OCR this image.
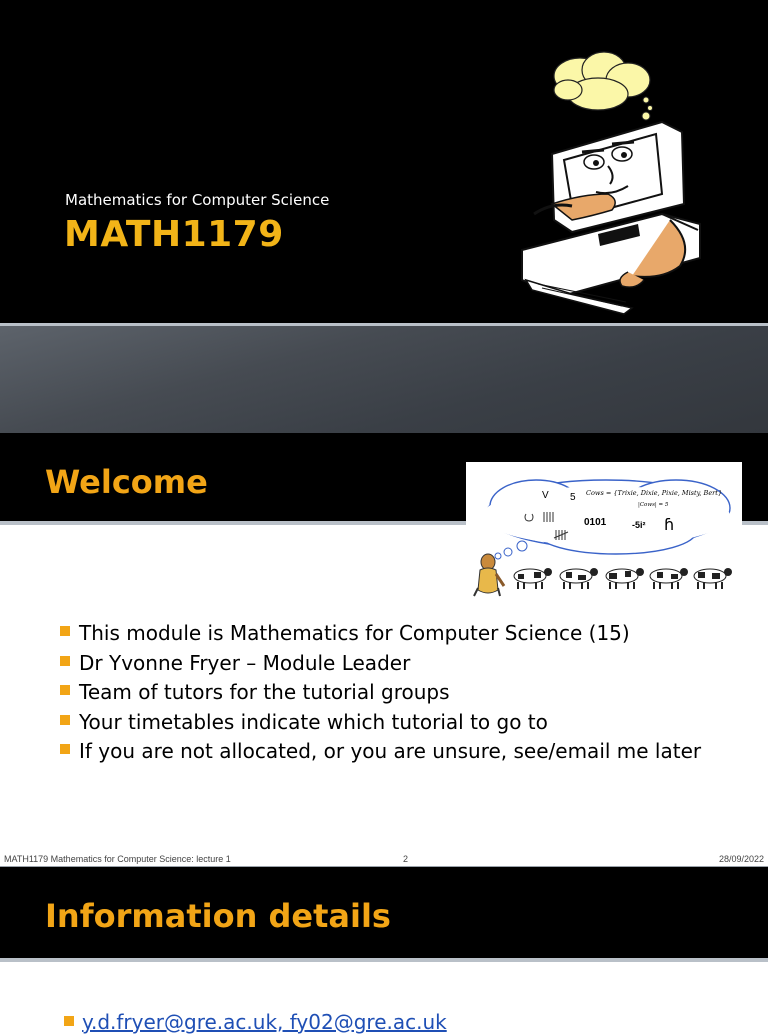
Mathematics for Computer Science
MATH1179
Welcome	V 5 Cows = {Trixie, Dixie, Pixie, Misty, Bert}
|Cows| = 5
0101	-5i² ɦ
This module is Mathematics for Computer Science (15)
Dr Yvonne Fryer – Module Leader
Team of tutors for the tutorial groups
Your timetables indicate which tutorial to go to
If you are not allocated, or you are unsure, see/email me later
MATH1179 Mathematics for Computer Science: lecture 1	2	28/09/2022
Information details
y.d.fryer@gre.ac.uk, fy02@gre.ac.uk
